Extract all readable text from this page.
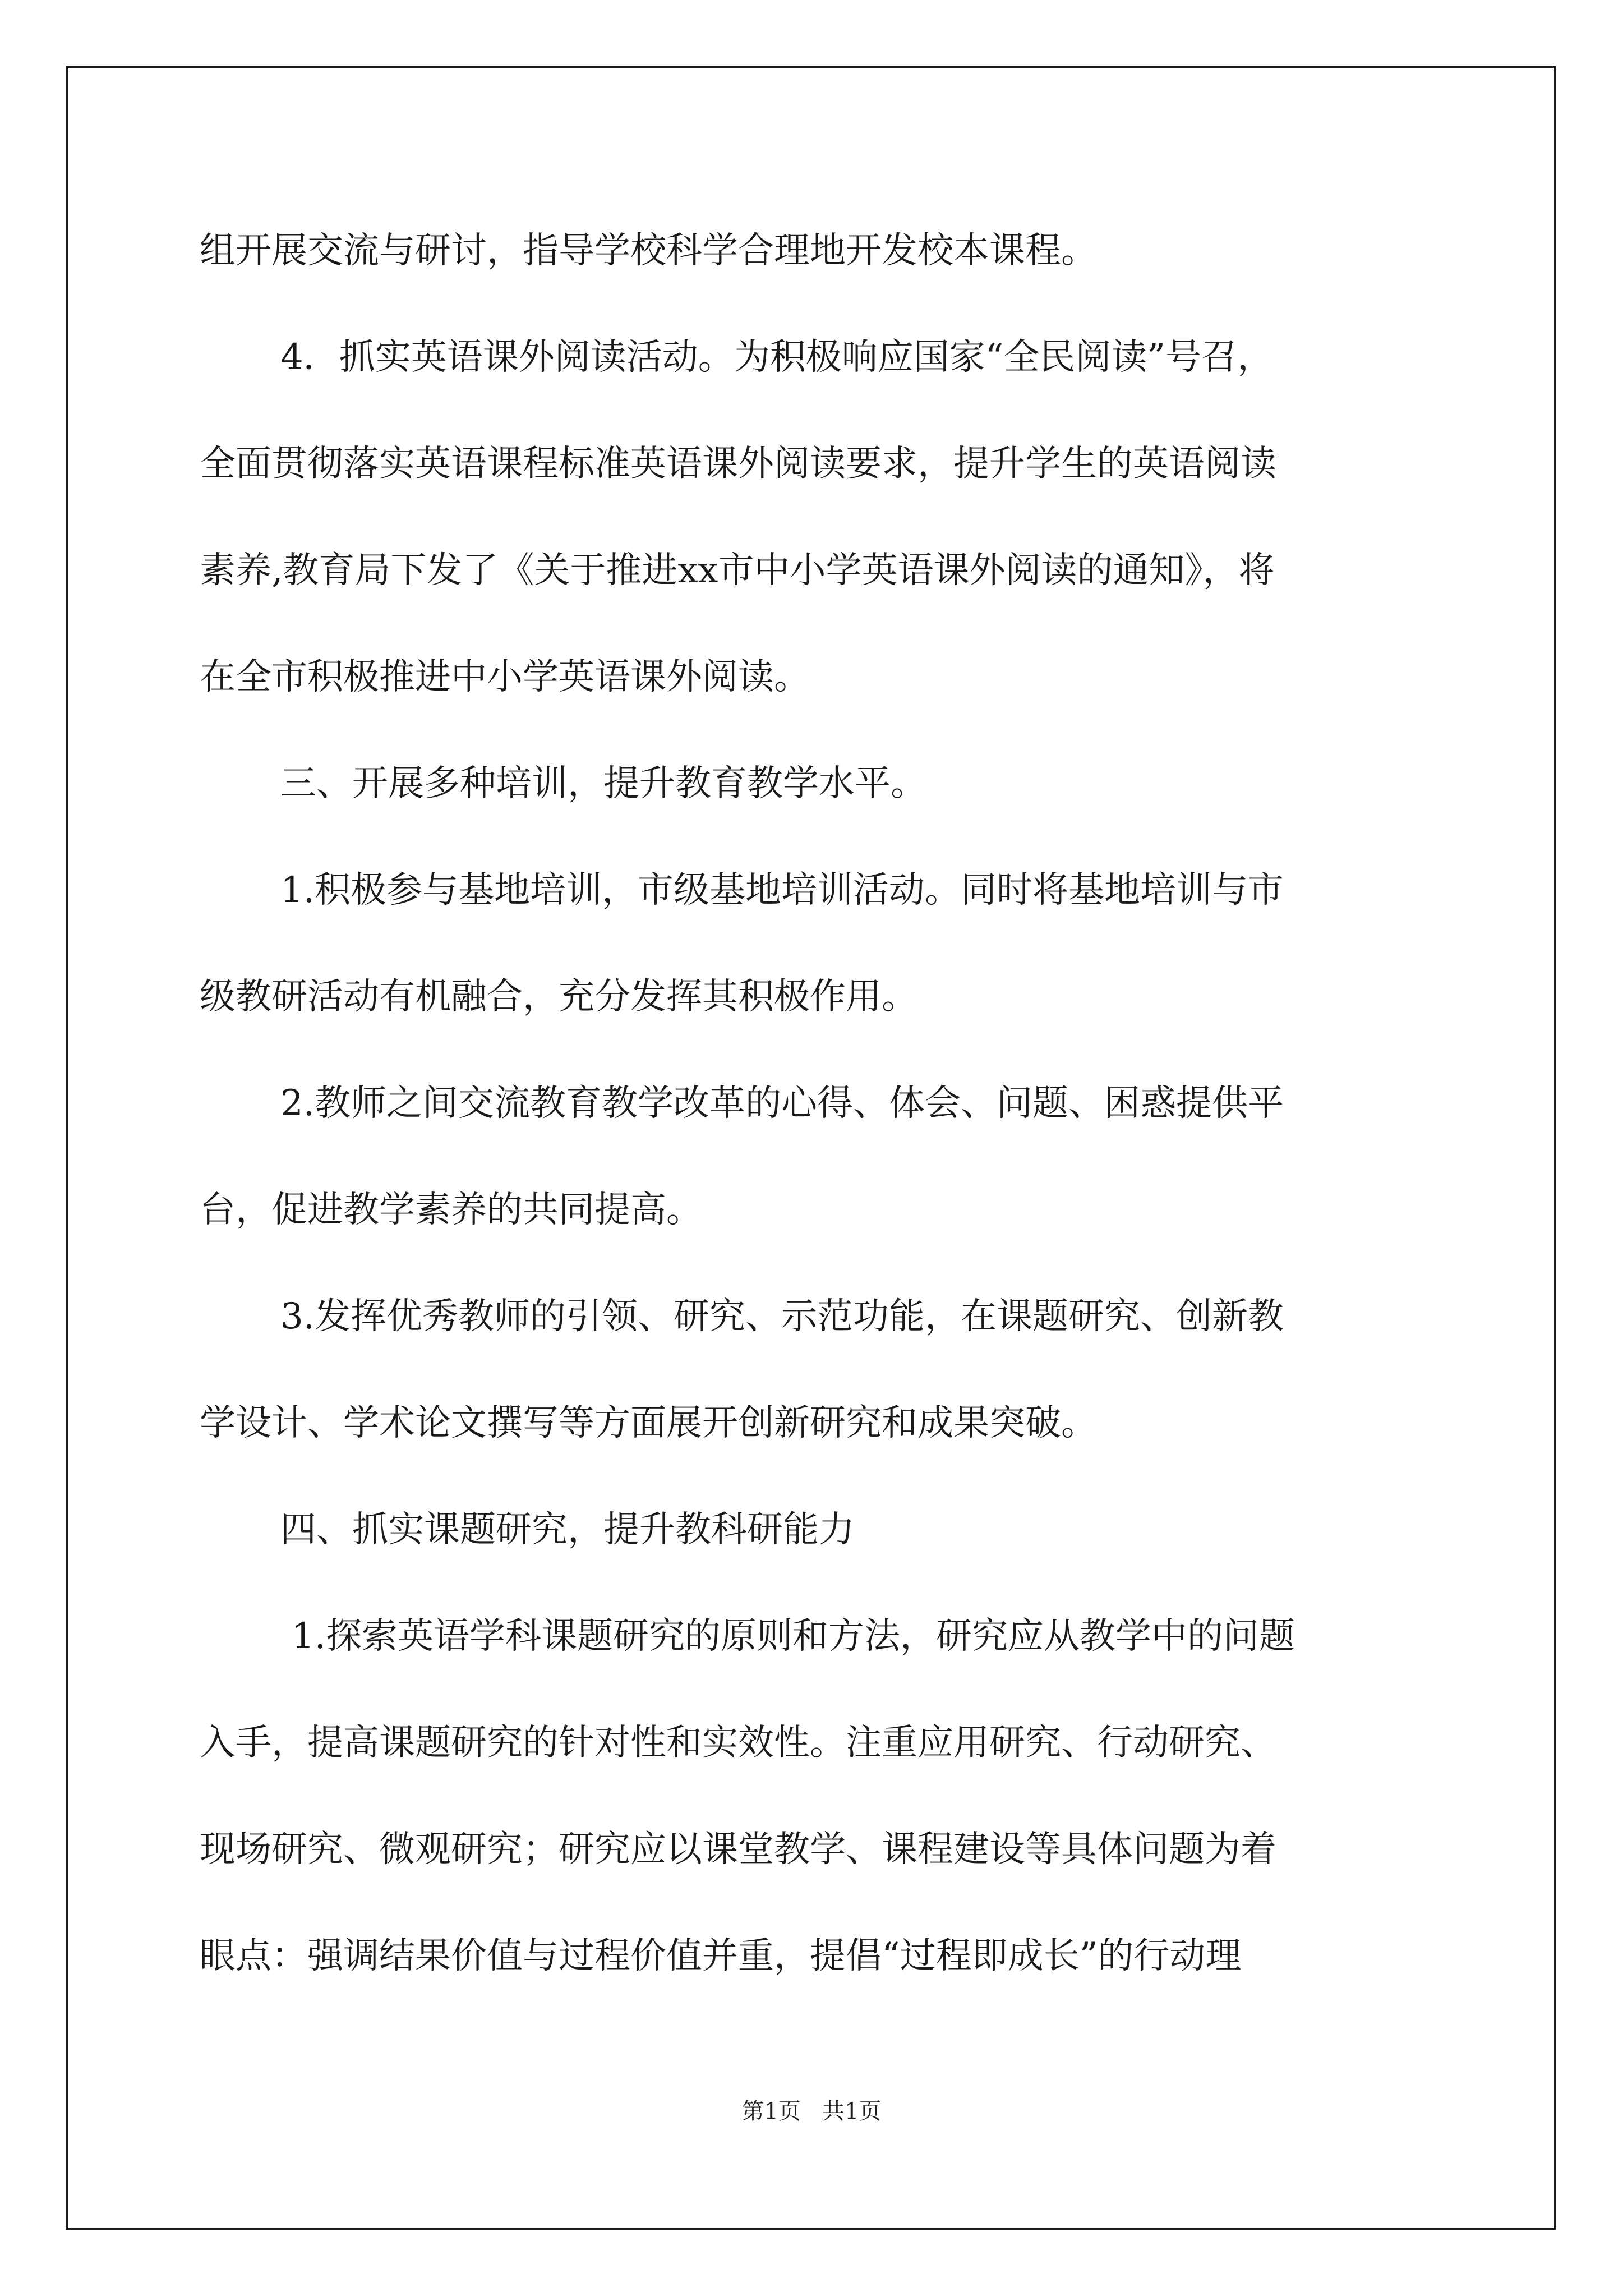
组开展交流与研讨，指导学校科学合理地开发校本课程。

4．抓实英语课外阅读活动。为积极响应国家“全民阅读”号召，

全面贯彻落实英语课程标准英语课外阅读要求，提升学生的英语阅读

素养,教育局下发了《关于推进xx市中小学英语课外阅读的通知》，将

在全市积极推进中小学英语课外阅读。

三、开展多种培训，提升教育教学水平。

1.积极参与基地培训，市级基地培训活动。同时将基地培训与市

级教研活动有机融合，充分发挥其积极作用。

2.教师之间交流教育教学改革的心得、体会、问题、困惑提供平

台，促进教学素养的共同提高。

3.发挥优秀教师的引领、研究、示范功能，在课题研究、创新教

学设计、学术论文撰写等方面展开创新研究和成果突破。

四、抓实课题研究，提升教科研能力

1.探索英语学科课题研究的原则和方法，研究应从教学中的问题

入手，提高课题研究的针对性和实效性。注重应用研究、行动研究、

现场研究、微观研究；研究应以课堂教学、课程建设等具体问题为着

眼点：强调结果价值与过程价值并重，提倡“过程即成长”的行动理

第1页   共1页
